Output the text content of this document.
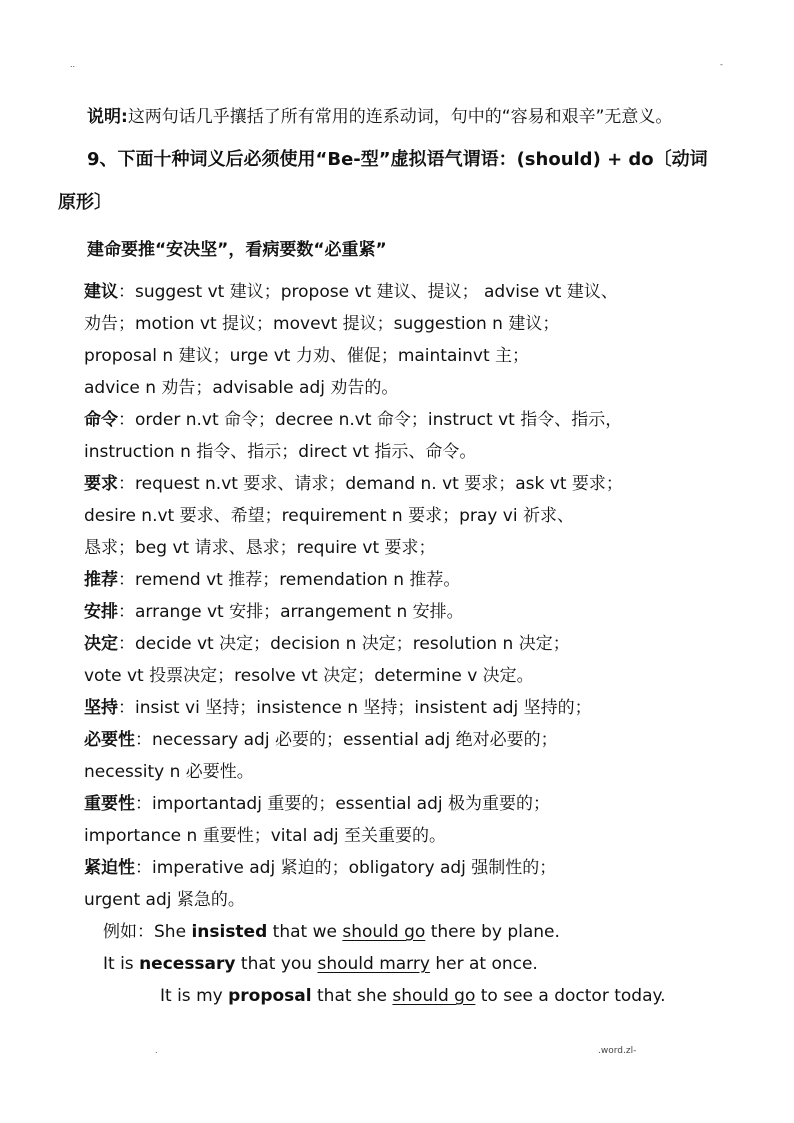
..	-
说明:这两句话几乎攘括了所有常用的连系动词，句中的“容易和艰辛”无意义。
9、下面十种词义后必须使用“Be-型”虚拟语气谓语：(should) + do〔动词
原形〕
建命要推“安决坚”，看病要数“必重紧”
建议：suggest vt 建议；propose vt 建议、提议； advise vt 建议、
劝告；motion vt 提议；movevt 提议；suggestion n 建议；
proposal n 建议；urge vt 力劝、催促；maintainvt 主；
advice n 劝告；advisable adj 劝告的。
命令：order n.vt 命令；decree n.vt 命令；instruct vt 指令、指示，
instruction n 指令、指示；direct vt 指示、命令。
要求：request n.vt 要求、请求；demand n. vt 要求；ask vt 要求；
desire n.vt 要求、希望；requirement n 要求；pray vi 祈求、
恳求；beg vt 请求、恳求；require vt 要求；
推荐：remend vt 推荐；remendation n 推荐。
安排：arrange vt 安排；arrangement n 安排。
决定：decide vt 决定；decision n 决定；resolution n 决定；
vote vt 投票决定；resolve vt 决定；determine v 决定。
坚持：insist vi 坚持；insistence n 坚持；insistent adj 坚持的；
必要性：necessary adj 必要的；essential adj 绝对必要的；
necessity n 必要性。
重要性：importantadj 重要的；essential adj 极为重要的；
importance n 重要性；vital adj 至关重要的。
紧迫性：imperative adj 紧迫的；obligatory adj 强制性的；
urgent adj 紧急的。
例如：She insisted that we should go there by plane.
It is necessary that you should marry her at once.
It is my proposal that she should go to see a doctor today.
.	.word.zl-
